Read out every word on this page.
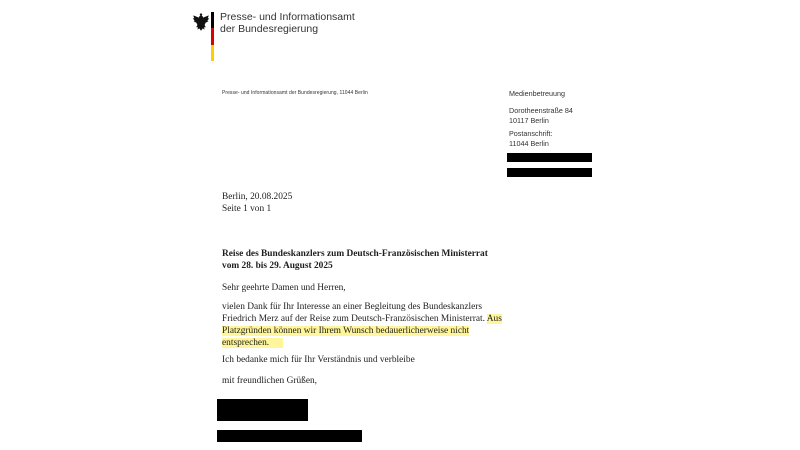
Presse- und Informationsamt
der Bundesregierung
Presse- und Informationsamt der Bundesregierung, 11044 Berlin	Medienbetreuung
Dorotheenstraße 84
10117 Berlin
Postanschrift:
11044 Berlin
Berlin, 20.08.2025
Seite 1 von 1
Reise des Bundeskanzlers zum Deutsch-Französischen Ministerrat
vom 28. bis 29. August 2025
Sehr geehrte Damen und Herren,
vielen Dank für Ihr Interesse an einer Begleitung des Bundeskanzlers
Friedrich Merz auf der Reise zum Deutsch-Französischen Ministerrat. Aus
Platzgründen können wir Ihrem Wunsch bedauerlicherweise nicht
entsprechen.
Ich bedanke mich für Ihr Verständnis und verbleibe
mit freundlichen Grüßen,
